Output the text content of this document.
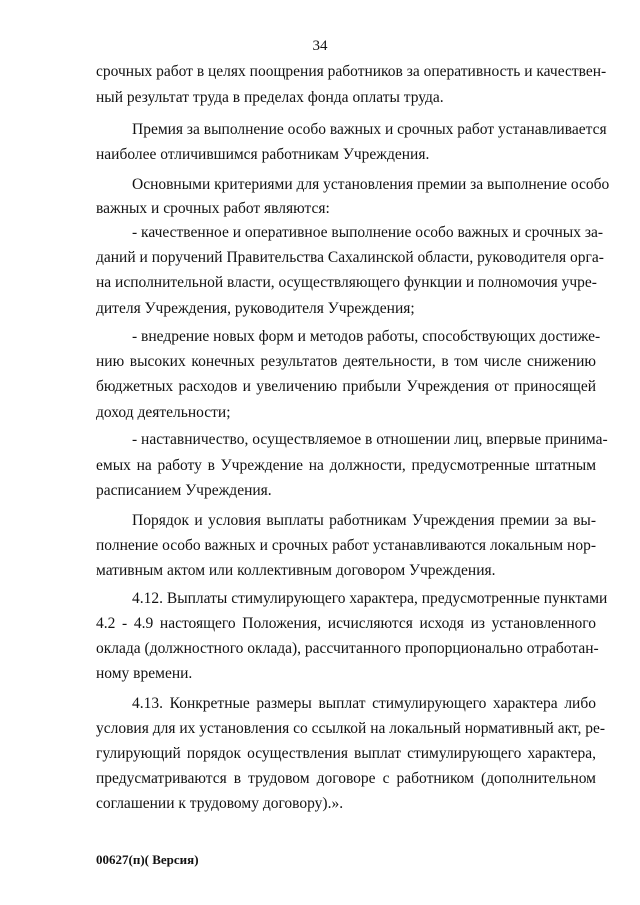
34
срочных работ в целях поощрения работников за оперативность и качествен-
ный результат труда в пределах фонда оплаты труда.
Премия за выполнение особо важных и срочных работ устанавливается
наиболее отличившимся работникам Учреждения.
Основными критериями для установления премии за выполнение особо
важных и срочных работ являются:
- качественное и оперативное выполнение особо важных и срочных за-
даний и поручений Правительства Сахалинской области, руководителя орга-
на исполнительной власти, осуществляющего функции и полномочия учре-
дителя Учреждения, руководителя Учреждения;
- внедрение новых форм и методов работы, способствующих достиже-
нию высоких конечных результатов деятельности, в том числе снижению
бюджетных расходов и увеличению прибыли Учреждения от приносящей
доход деятельности;
- наставничество, осуществляемое в отношении лиц, впервые принима-
емых на работу в Учреждение на должности, предусмотренные штатным
расписанием Учреждения.
Порядок и условия выплаты работникам Учреждения премии за вы-
полнение особо важных и срочных работ устанавливаются локальным нор-
мативным актом или коллективным договором Учреждения.
4.12. Выплаты стимулирующего характера, предусмотренные пунктами
4.2 - 4.9 настоящего Положения, исчисляются исходя из установленного
оклада (должностного оклада), рассчитанного пропорционально отработан-
ному времени.
4.13. Конкретные размеры выплат стимулирующего характера либо
условия для их установления со ссылкой на локальный нормативный акт, ре-
гулирующий порядок осуществления выплат стимулирующего характера,
предусматриваются в трудовом договоре с работником (дополнительном
соглашении к трудовому договору).».
00627(п)( Версия)
